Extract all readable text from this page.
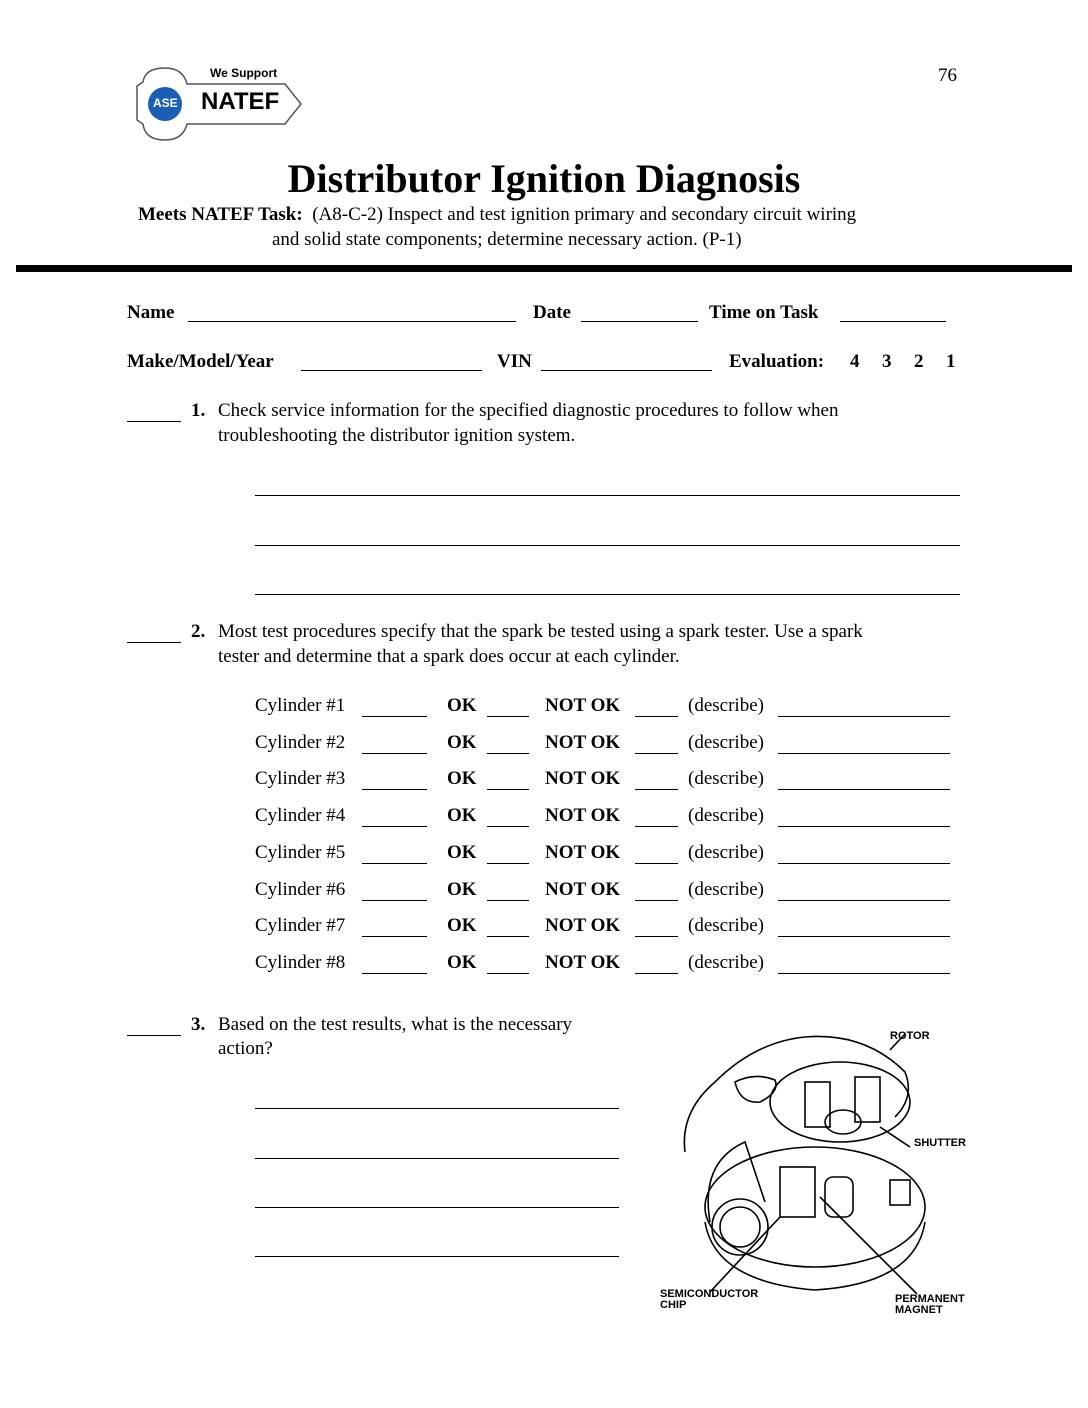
76
ASE
We Support
NATEF
Distributor Ignition Diagnosis
Meets NATEF Task: (A8-C-2) Inspect and test ignition primary and secondary circuit wiring
and solid state components; determine necessary action. (P-1)
Name	Date	Time on Task
Make/Model/Year	VIN	Evaluation: 4 3 2 1
1. Check service information for the specified diagnostic procedures to follow when
troubleshooting the distributor ignition system.
2. Most test procedures specify that the spark be tested using a spark tester. Use a spark
tester and determine that a spark does occur at each cylinder.
Cylinder #1	OK	NOT OK	(describe)
Cylinder #2	OK	NOT OK	(describe)
Cylinder #3	OK	NOT OK	(describe)
Cylinder #4	OK	NOT OK	(describe)
Cylinder #5	OK	NOT OK	(describe)
Cylinder #6	OK	NOT OK	(describe)
Cylinder #7	OK	NOT OK	(describe)
Cylinder #8	OK	NOT OK	(describe)
3. Based on the test results, what is the necessary
action?
ROTOR
SHUTTER
SEMICONDUCTOR
CHIP	PERMANENT
MAGNET
